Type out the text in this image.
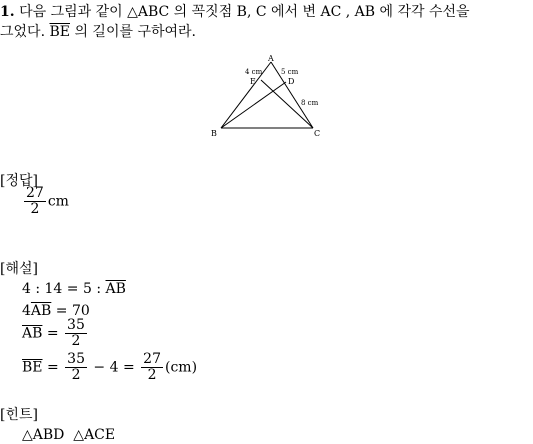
1. 다음 그림과 같이 △ABC 의 꼭짓점 B, C 에서 변 AC , AB 에 각각 수선을
그었다. $\overline{BE}$ 의 길이를 구하여라.
A
B	C
D
E
4 cm	5 cm
8 cm
[정답]
$\frac{27}{2}$ cm
[해설]
4 : 14 = 5 : $\overline{AB}$
$4\overline{AB} = 70$
$\overline{AB} = \frac{35}{2}$
$\overline{BE} = \frac{35}{2} - 4 = \frac{27}{2} (cm)$
[힌트]
△ABD △ACE
